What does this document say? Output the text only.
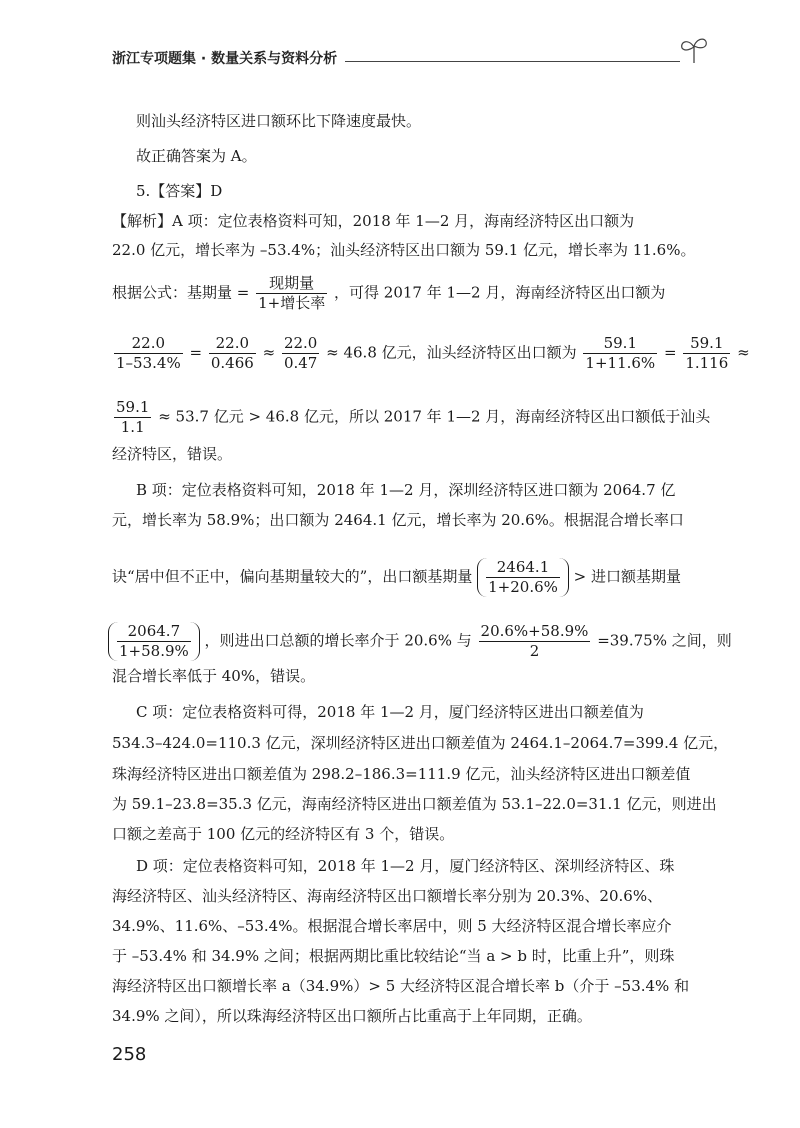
浙江专项题集 · 数量关系与资料分析
则汕头经济特区进口额环比下降速度最快。
故正确答案为 A。
5.【答案】D
【解析】A 项：定位表格资料可知，2018 年 1—2 月，海南经济特区出口额为
22.0 亿元，增长率为 –53.4%；汕头经济特区出口额为 59.1 亿元，增长率为 11.6%。
根据公式：基期量 = $\frac{\text{现期量}}{\text{1+增长率}}$ ，可得 2017 年 1—2 月，海南经济特区出口额为
$\frac{22.0}{1-53.4\%} = \frac{22.0}{0.466} \approx \frac{22.0}{0.47} \approx 46.8$ 亿元，汕头经济特区出口额为 $\frac{59.1}{1+11.6\%} = \frac{59.1}{1.116}$ ≈
$\frac{59.1}{1.1} \approx 53.7$ 亿元 > 46.8 亿元，所以 2017 年 1—2 月，海南经济特区出口额低于汕头
经济特区，错误。
B 项：定位表格资料可知，2018 年 1—2 月，深圳经济特区进口额为 2064.7 亿
元，增长率为 58.9%；出口额为 2464.1 亿元，增长率为 20.6%。根据混合增长率口
诀“居中但不正中，偏向基期量较大的”，出口额基期量 $\frac{2464.1}{1+20.6\%}$ > 进口额基期量
$\frac{2064.7}{1+58.9\%}$ ，则进出口总额的增长率介于 20.6% 与 $\frac{20.6\%+58.9\%}{2} =39.75\%$ 之间，则
混合增长率低于 40%，错误。
C 项：定位表格资料可得，2018 年 1—2 月，厦门经济特区进出口额差值为
534.3–424.0=110.3 亿元，深圳经济特区进出口额差值为 2464.1–2064.7=399.4 亿元，
珠海经济特区进出口额差值为 298.2–186.3=111.9 亿元，汕头经济特区进出口额差值
为 59.1–23.8=35.3 亿元，海南经济特区进出口额差值为 53.1–22.0=31.1 亿元，则进出
口额之差高于 100 亿元的经济特区有 3 个，错误。
D 项：定位表格资料可知，2018 年 1—2 月，厦门经济特区、深圳经济特区、珠
海经济特区、汕头经济特区、海南经济特区出口额增长率分别为 20.3%、20.6%、
34.9%、11.6%、–53.4%。根据混合增长率居中，则 5 大经济特区混合增长率应介
于 –53.4% 和 34.9% 之间；根据两期比重比较结论“当 a > b 时，比重上升”，则珠
海经济特区出口额增长率 a（34.9%）> 5 大经济特区混合增长率 b（介于 –53.4% 和
34.9% 之间），所以珠海经济特区出口额所占比重高于上年同期，正确。
258
